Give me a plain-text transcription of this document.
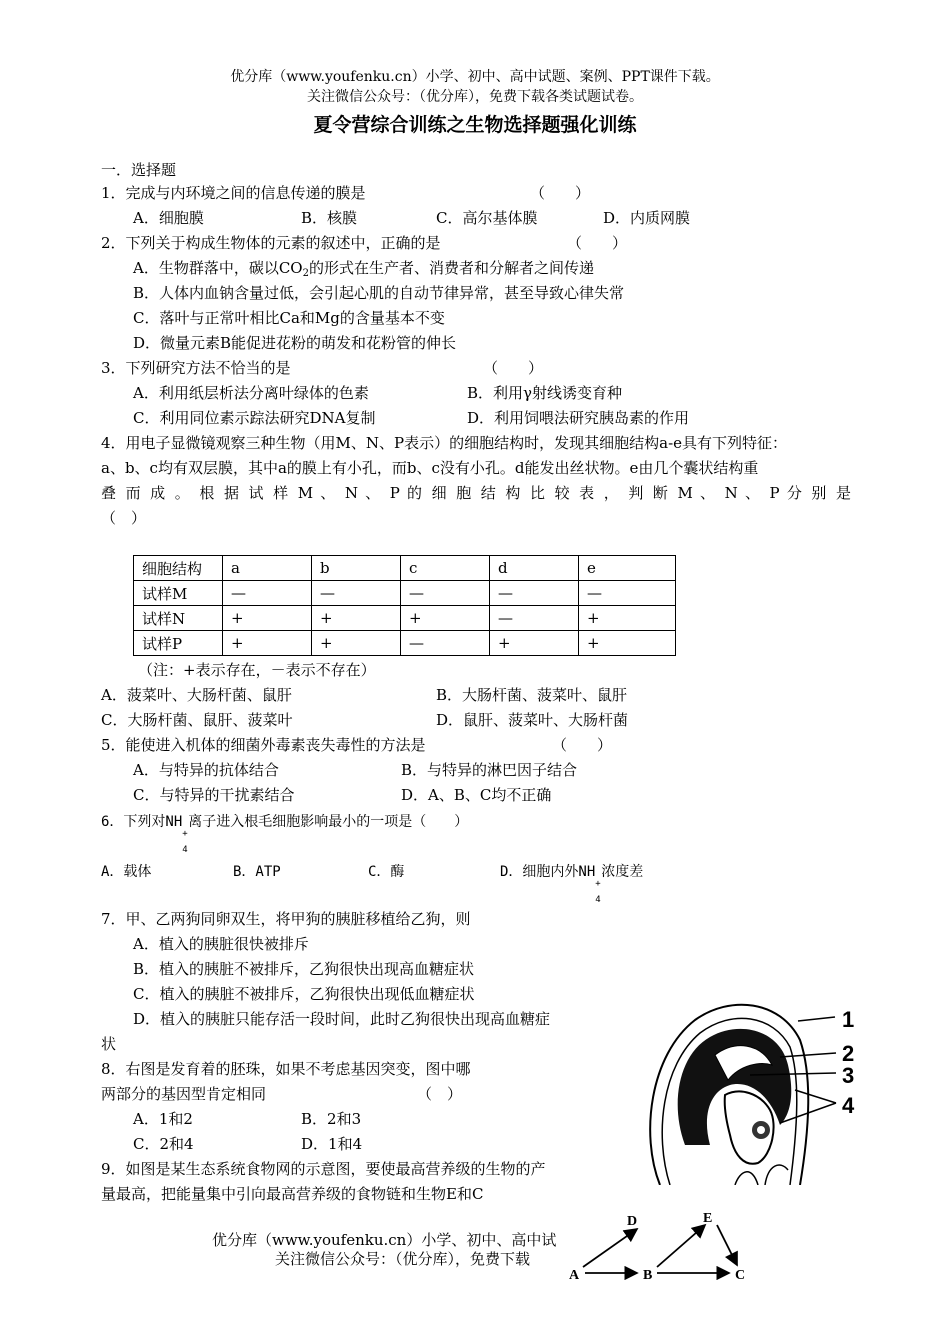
优分库（www.youfenku.cn）小学、初中、高中试题、案例、PPT课件下载。
关注微信公众号：（优分库），免费下载各类试题试卷。
夏令营综合训练之生物选择题强化训练
一．选择题
1．完成与内环境之间的信息传递的膜是	（　　）
A．细胞膜	B．核膜	C．高尔基体膜	D．内质网膜
2．下列关于构成生物体的元素的叙述中，正确的是	（　　）
A．生物群落中，碳以$CO_2$的形式在生产者、消费者和分解者之间传递
B．人体内血钠含量过低，会引起心肌的自动节律异常，甚至导致心律失常
C．落叶与正常叶相比Ca和Mg的含量基本不变
D．微量元素B能促进花粉的萌发和花粉管的伸长
3．下列研究方法不恰当的是	（　　）
A．利用纸层析法分离叶绿体的色素	B．利用γ射线诱变育种
C．利用同位素示踪法研究DNA复制	D．利用饲喂法研究胰岛素的作用
4．用电子显微镜观察三种生物（用M、N、P表示）的细胞结构时，发现其细胞结构a-e具有下列特征：
a、b、c均有双层膜，其中a的膜上有小孔，而b、c没有小孔。d能发出丝状物。e由几个囊状结构重
叠 而 成 。 根 据 试 样 M 、 N 、 P 的 细 胞 结 构 比 较 表 ， 判 断 M 、 N 、 P 分 别 是
（　）
细胞结构	a	b	c	d	e
试样M	—	—	—	—	—
试样N	+	+	+	—	+
试样P	+	+	—	+	+
（注：+表示存在，－表示不存在）
A．菠菜叶、大肠杆菌、鼠肝	B．大肠杆菌、菠菜叶、鼠肝
C．大肠杆菌、鼠肝、菠菜叶	D．鼠肝、菠菜叶、大肠杆菌
5．能使进入机体的细菌外毒素丧失毒性的方法是	（　　）
A．与特异的抗体结合	B．与特异的淋巴因子结合
C．与特异的干扰素结合	D．A、B、C均不正确
6．下列对NH
+
4
离子进入根毛细胞影响最小的一项是（　　）
A．载体	B．ATP	C．酶	D．细胞内外NH
+
4
浓度差
7．甲、乙两狗同卵双生，将甲狗的胰脏移植给乙狗，则
A．植入的胰脏很快被排斥
B．植入的胰脏不被排斥，乙狗很快出现高血糖症状
C．植入的胰脏不被排斥，乙狗很快出现低血糖症状
D．植入的胰脏只能存活一段时间，此时乙狗很快出现高血糖症
状
8．右图是发育着的胚珠，如果不考虑基因突变，图中哪
两部分的基因型肯定相同	（　）
A．1和2	B．2和3
C．2和4	D．1和4
9．如图是某生态系统食物网的示意图，要使最高营养级的生物的产
量最高，把能量集中引向最高营养级的食物链和生物E和C
1
2
3
4
A	B	C
D	E
优分库（www.youfenku.cn）小学、初中、高中试
关注微信公众号：（优分库），免费下载
